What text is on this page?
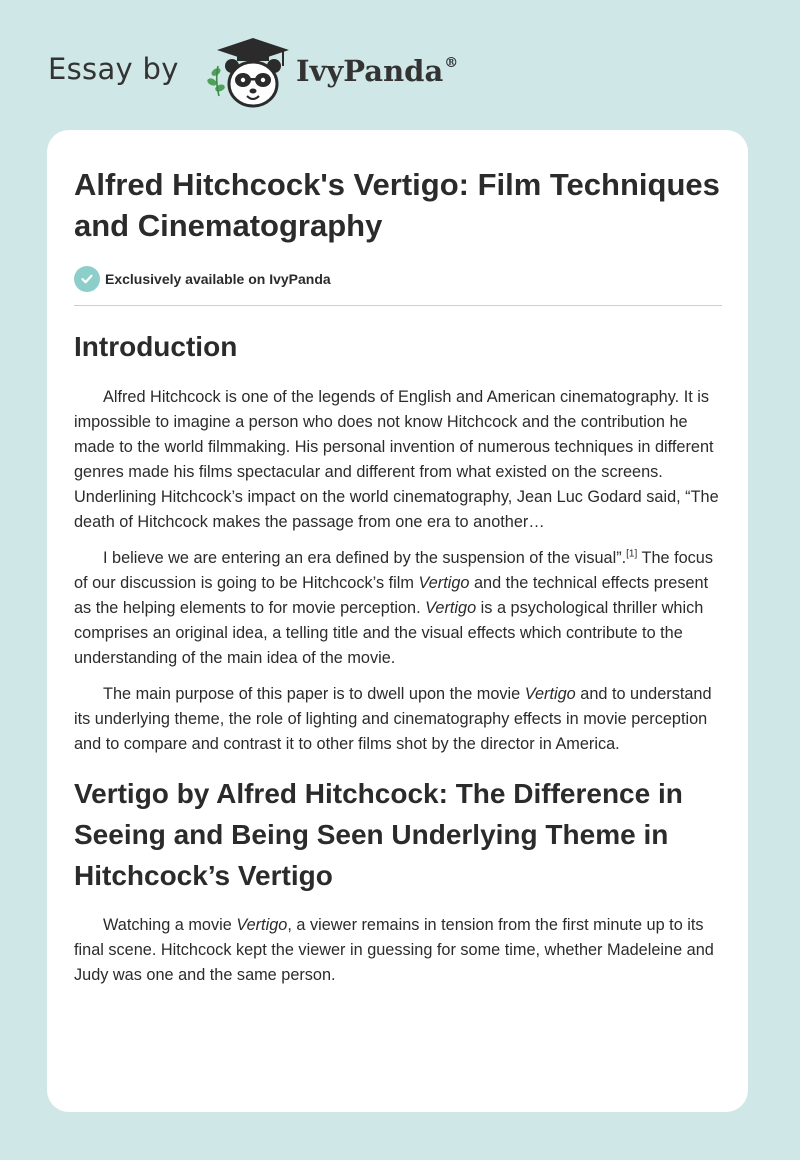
Essay by	IvyPanda®
Alfred Hitchcock's Vertigo: Film Techniques and Cinematography
Exclusively available on IvyPanda
Introduction

Alfred Hitchcock is one of the legends of English and American cinematography. It is impossible to imagine a person who does not know Hitchcock and the contribution he made to the world filmmaking. His personal invention of numerous techniques in different genres made his films spectacular and different from what existed on the screens. Underlining Hitchcock’s impact on the world cinematography, Jean Luc Godard said, “The death of Hitchcock makes the passage from one era to another…

I believe we are entering an era defined by the suspension of the visual”.[1] The focus of our discussion is going to be Hitchcock’s film Vertigo and the technical effects present as the helping elements to for movie perception. Vertigo is a psychological thriller which comprises an original idea, a telling title and the visual effects which contribute to the understanding of the main idea of the movie.

The main purpose of this paper is to dwell upon the movie Vertigo and to understand its underlying theme, the role of lighting and cinematography effects in movie perception and to compare and contrast it to other films shot by the director in America.

Vertigo by Alfred Hitchcock: The Difference in Seeing and Being Seen Underlying Theme in Hitchcock’s Vertigo

Watching a movie Vertigo, a viewer remains in tension from the first minute up to its final scene. Hitchcock kept the viewer in guessing for some time, whether Madeleine and Judy was one and the same person.
